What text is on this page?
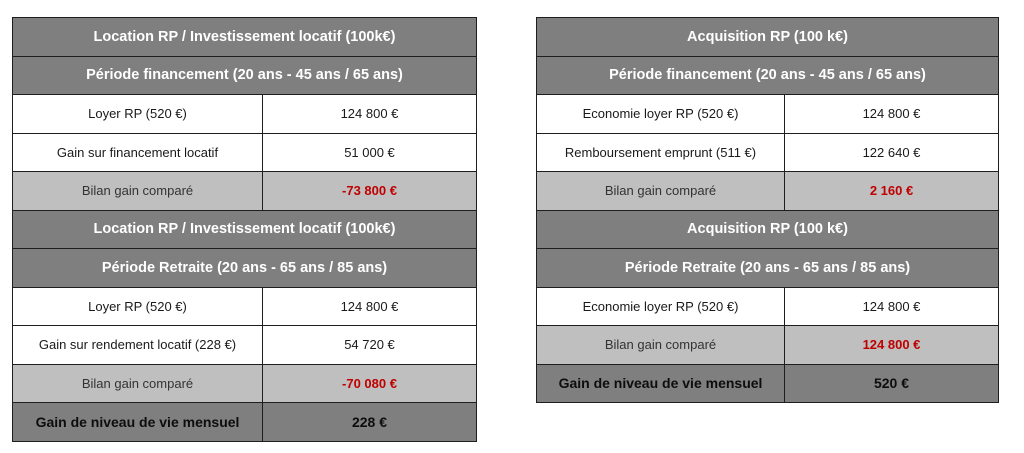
Location RP / Investissement locatif (100k€)	
Période financement (20 ans - 45 ans / 65 ans)	
Loyer RP (520 €)	124 800 €
Gain sur financement locatif	51 000 €
Bilan gain comparé	-73 800 €
Location RP / Investissement locatif (100k€)	
Période Retraite (20 ans - 65 ans / 85 ans)	
Loyer RP (520 €)	124 800 €
Gain sur rendement locatif (228 €)	54 720 €
Bilan gain comparé	-70 080 €
Gain de niveau de vie mensuel	228 €
Acquisition RP (100 k€)	
Période financement (20 ans - 45 ans / 65 ans)	
Economie loyer RP (520 €)	124 800 €
Remboursement emprunt (511 €)	122 640 €
Bilan gain comparé	2 160 €
Acquisition RP (100 k€)	
Période Retraite (20 ans - 65 ans / 85 ans)	
Economie loyer RP (520 €)	124 800 €
Bilan gain comparé	124 800 €
Gain de niveau de vie mensuel	520 €
